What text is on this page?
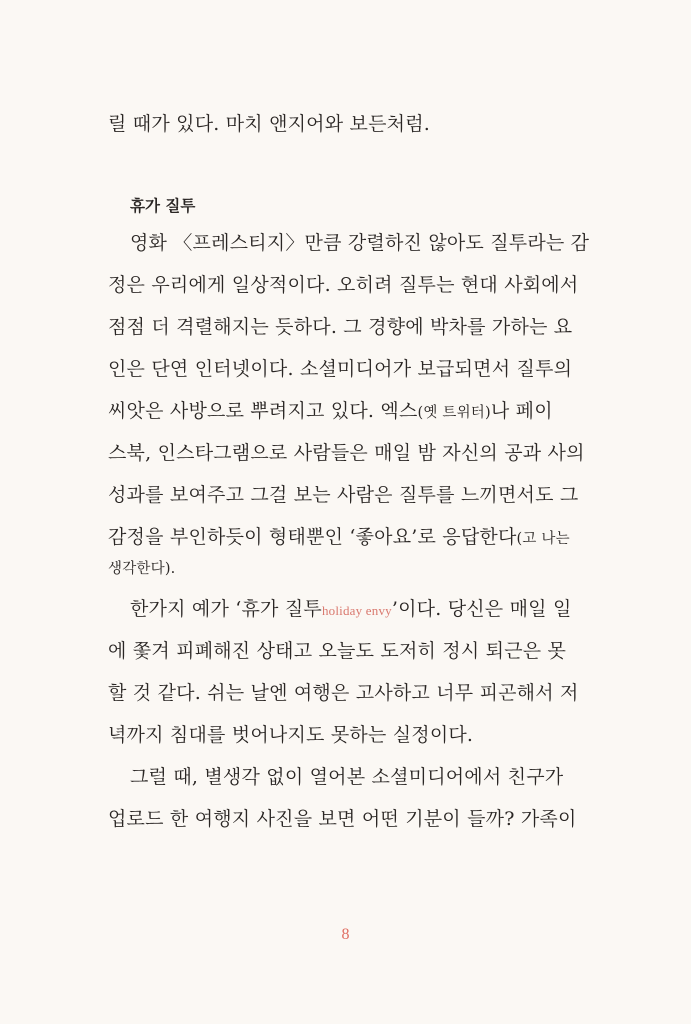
릴 때가 있다. 마치 앤지어와 보든처럼.
휴가 질투
영화 〈프레스티지〉만큼 강렬하진 않아도 질투라는 감
정은 우리에게 일상적이다. 오히려 질투는 현대 사회에서
점점 더 격렬해지는 듯하다. 그 경향에 박차를 가하는 요
인은 단연 인터넷이다. 소셜미디어가 보급되면서 질투의
씨앗은 사방으로 뿌려지고 있다. 엑스(옛 트위터)나 페이
스북, 인스타그램으로 사람들은 매일 밤 자신의 공과 사의
성과를 보여주고 그걸 보는 사람은 질투를 느끼면서도 그
감정을 부인하듯이 형태뿐인 ‘좋아요’로 응답한다(고 나는
생각한다).
한가지 예가 ‘휴가 질투holiday envy’이다. 당신은 매일 일
에 쫓겨 피폐해진 상태고 오늘도 도저히 정시 퇴근은 못
할 것 같다. 쉬는 날엔 여행은 고사하고 너무 피곤해서 저
녁까지 침대를 벗어나지도 못하는 실정이다.
그럴 때, 별생각 없이 열어본 소셜미디어에서 친구가
업로드 한 여행지 사진을 보면 어떤 기분이 들까? 가족이
8
